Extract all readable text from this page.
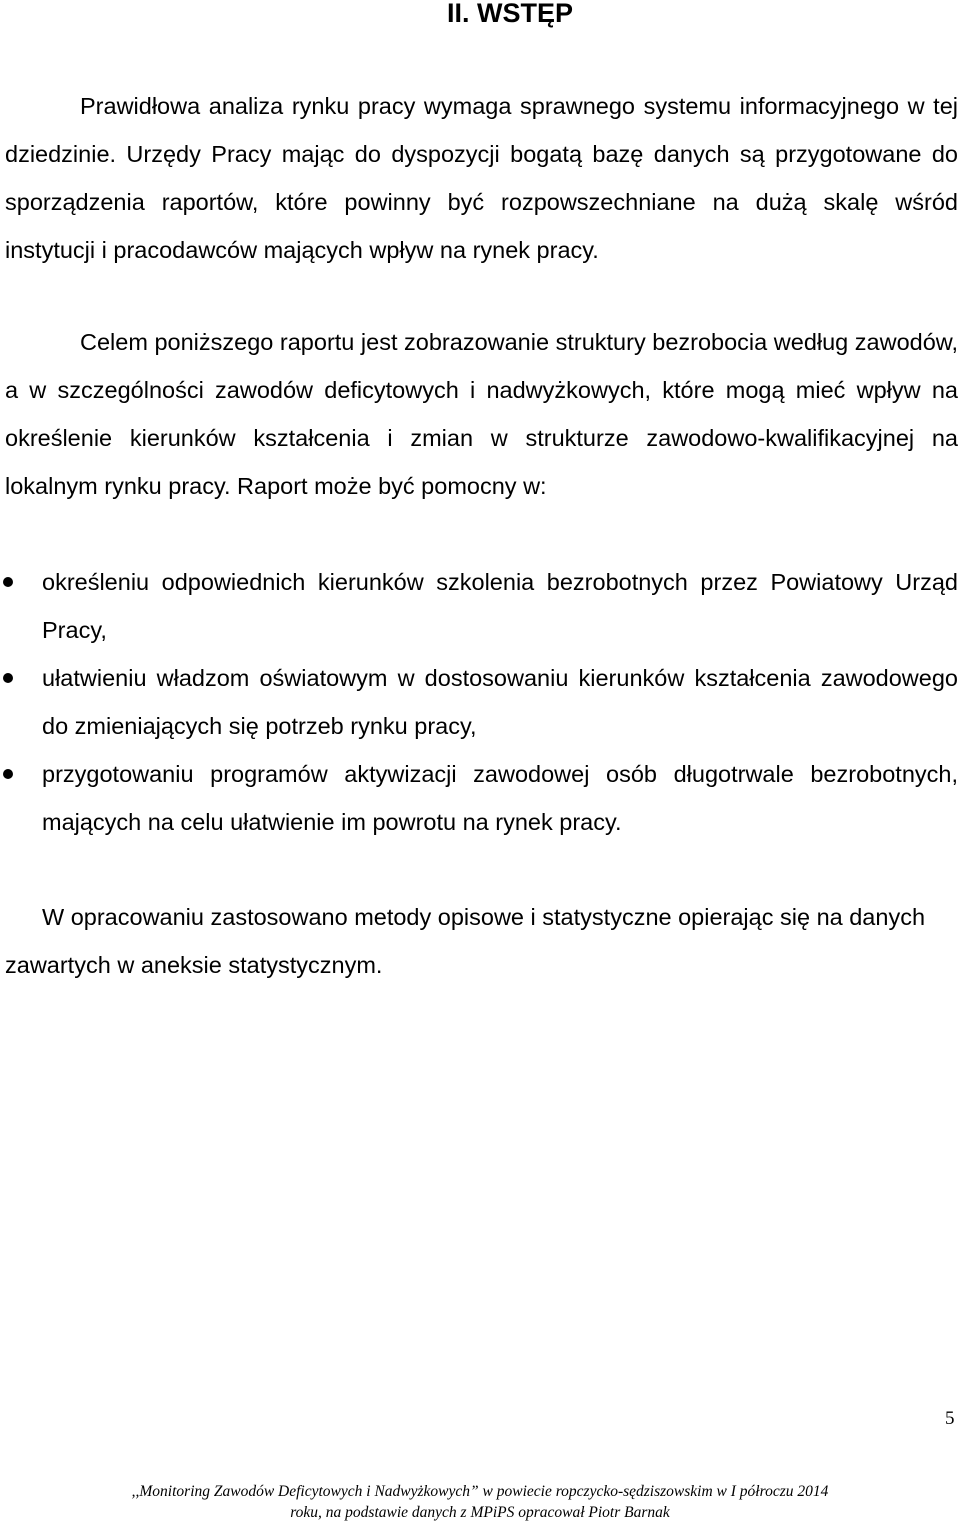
II. WSTĘP

Prawidłowa analiza rynku pracy wymaga sprawnego systemu informacyjnego w tej dziedzinie. Urzędy Pracy mając do dyspozycji bogatą bazę danych są przygotowane do sporządzenia raportów, które powinny być rozpowszechniane na dużą skalę wśród instytucji i pracodawców mających wpływ na rynek pracy.

Celem poniższego raportu jest zobrazowanie struktury bezrobocia według zawodów, a w szczególności zawodów deficytowych i nadwyżkowych, które mogą mieć wpływ na określenie kierunków kształcenia i zmian w strukturze zawodowo-kwalifikacyjnej na lokalnym rynku pracy. Raport może być pomocny w:

określeniu odpowiednich kierunków szkolenia bezrobotnych przez Powiatowy Urząd Pracy,
ułatwieniu władzom oświatowym w dostosowaniu kierunków kształcenia zawodowego do zmieniających się potrzeb rynku pracy,
przygotowaniu programów aktywizacji zawodowej osób długotrwale bezrobotnych, mających na celu ułatwienie im powrotu na rynek pracy.

W opracowaniu zastosowano metody opisowe i statystyczne opierając się na danych zawartych w aneksie statystycznym.

5
,,Monitoring Zawodów Deficytowych i Nadwyżkowych” w powiecie ropczycko-sędziszowskim w I półroczu 2014
roku, na podstawie danych z MPiPS opracował Piotr Barnak
